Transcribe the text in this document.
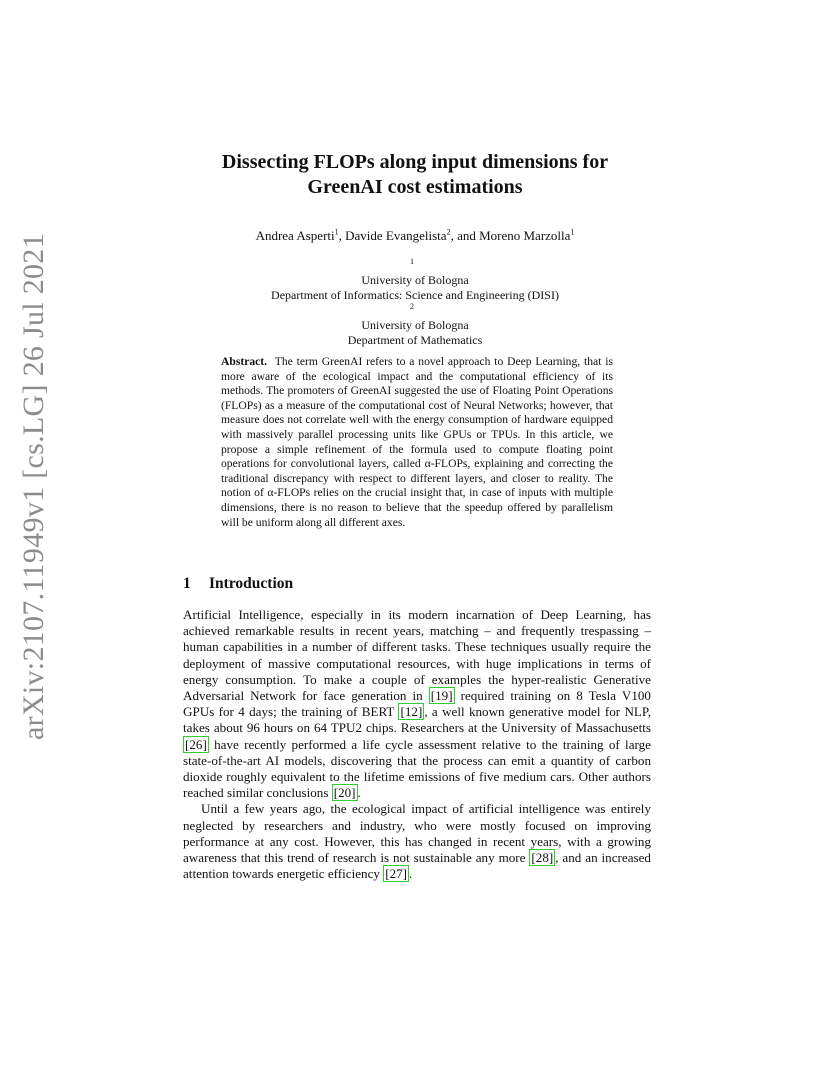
arXiv:2107.11949v1 [cs.LG] 26 Jul 2021
Dissecting FLOPs along input dimensions for
GreenAI cost estimations
Andrea Asperti$^1$, Davide Evangelista$^2$, and Moreno Marzolla$^1$
$^1$
University of Bologna
Department of Informatics: Science and Engineering (DISI)
$^2$
University of Bologna
Department of Mathematics
Abstract. The term GreenAI refers to a novel approach to Deep Learning, that is more aware of the ecological impact and the computational efficiency of its methods. The promoters of GreenAI suggested the use of Floating Point Operations (FLOPs) as a measure of the computational cost of Neural Networks; however, that measure does not correlate well with the energy consumption of hardware equipped with massively parallel processing units like GPUs or TPUs. In this article, we propose a simple refinement of the formula used to compute floating point operations for convolutional layers, called α-FLOPs, explaining and correcting the traditional discrepancy with respect to different layers, and closer to reality. The notion of α-FLOPs relies on the crucial insight that, in case of inputs with multiple dimensions, there is no reason to believe that the speedup offered by parallelism will be uniform along all different axes.
1 Introduction

Artificial Intelligence, especially in its modern incarnation of Deep Learning, has achieved remarkable results in recent years, matching – and frequently trespassing – human capabilities in a number of different tasks. These techniques usually require the deployment of massive computational resources, with huge implications in terms of energy consumption. To make a couple of examples the hyper-realistic Generative Adversarial Network for face generation in [19] required training on 8 Tesla V100 GPUs for 4 days; the training of BERT [12] , a well known generative model for NLP, takes about 96 hours on 64 TPU2 chips. Researchers at the University of Massachusetts [26] have recently performed a life cycle assessment relative to the training of large state-of-the-art AI models, discovering that the process can emit a quantity of carbon dioxide roughly equivalent to the lifetime emissions of five medium cars. Other authors reached similar conclusions [20] .

Until a few years ago, the ecological impact of artificial intelligence was entirely neglected by researchers and industry, who were mostly focused on improving performance at any cost. However, this has changed in recent years, with a growing awareness that this trend of research is not sustainable any more [28] , and an increased attention towards energetic efficiency [27] .
